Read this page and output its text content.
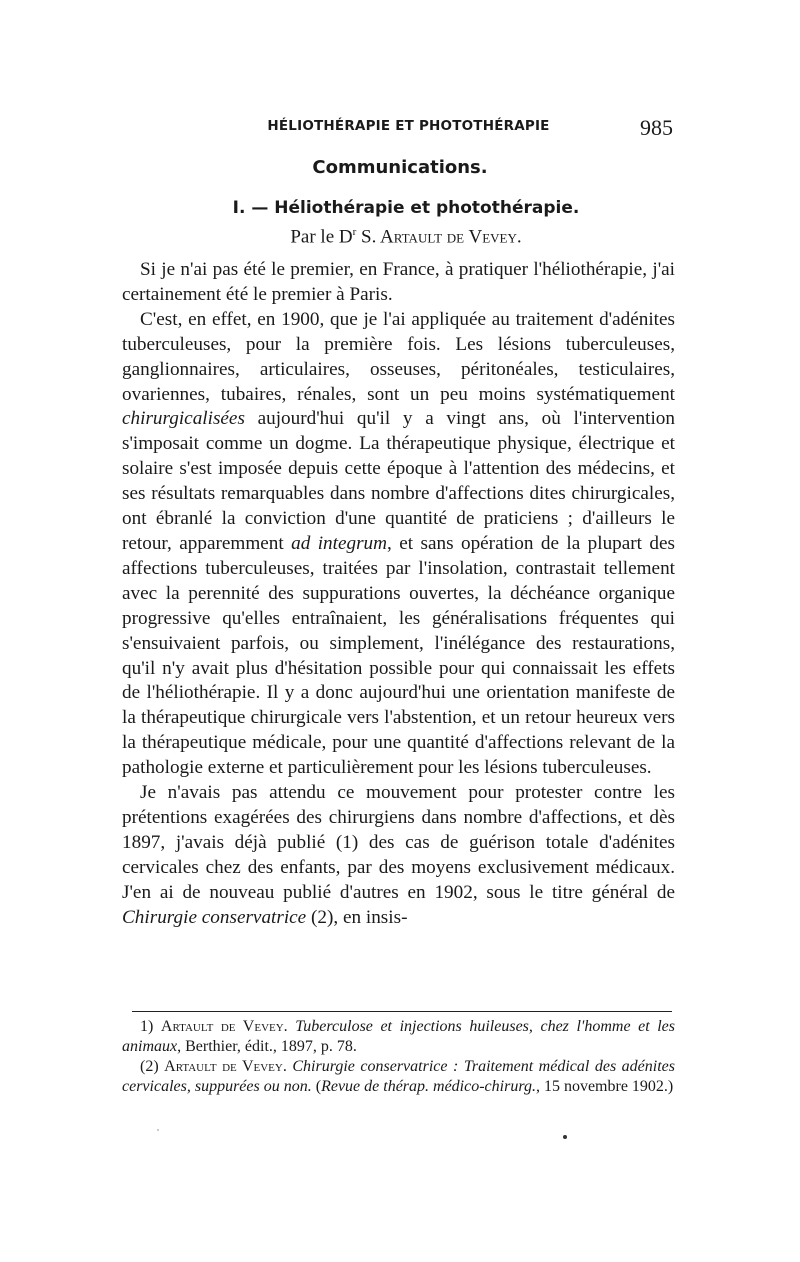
HÉLIOTHÉRAPIE ET PHOTOTHÉRAPIE	985
Communications.
I. — Héliothérapie et photothérapie.
Par le $D^r$ S. Artault de Vevey.

Si je n'ai pas été le premier, en France, à pratiquer l'héliothérapie, j'ai certainement été le premier à Paris.

C'est, en effet, en 1900, que je l'ai appliquée au traitement d'adénites tuberculeuses, pour la première fois. Les lésions tuberculeuses, ganglionnaires, articulaires, osseuses, péritonéales, testiculaires, ovariennes, tubaires, rénales, sont un peu moins systématiquement chirurgicalisées aujourd'hui qu'il y a vingt ans, où l'intervention s'imposait comme un dogme. La thérapeutique physique, électrique et solaire s'est imposée depuis cette époque à l'attention des médecins, et ses résultats remarquables dans nombre d'affections dites chirurgicales, ont ébranlé la conviction d'une quantité de praticiens ; d'ailleurs le retour, apparemment ad integrum, et sans opération de la plupart des affections tuberculeuses, traitées par l'insolation, contrastait tellement avec la perennité des suppurations ouvertes, la déchéance organique progressive qu'elles entraînaient, les généralisations fréquentes qui s'ensuivaient parfois, ou simplement, l'inélégance des restaurations, qu'il n'y avait plus d'hésitation possible pour qui connaissait les effets de l'héliothérapie. Il y a donc aujourd'hui une orientation manifeste de la thérapeutique chirurgicale vers l'abstention, et un retour heureux vers la thérapeutique médicale, pour une quantité d'affections relevant de la pathologie externe et particulièrement pour les lésions tuberculeuses.

Je n'avais pas attendu ce mouvement pour protester contre les prétentions exagérées des chirurgiens dans nombre d'affections, et dès 1897, j'avais déjà publié (1) des cas de guérison totale d'adénites cervicales chez des enfants, par des moyens exclusivement médicaux. J'en ai de nouveau publié d'autres en 1902, sous le titre général de Chirurgie conservatrice (2), en insis-

1) Artault de Vevey. Tuberculose et injections huileuses, chez l'homme et les animaux, Berthier, édit., 1897, p. 78.

(2) Artault de Vevey. Chirurgie conservatrice : Traitement médical des adénites cervicales, suppurées ou non. (Revue de thérap. médico-chirurg., 15 novembre 1902.)
